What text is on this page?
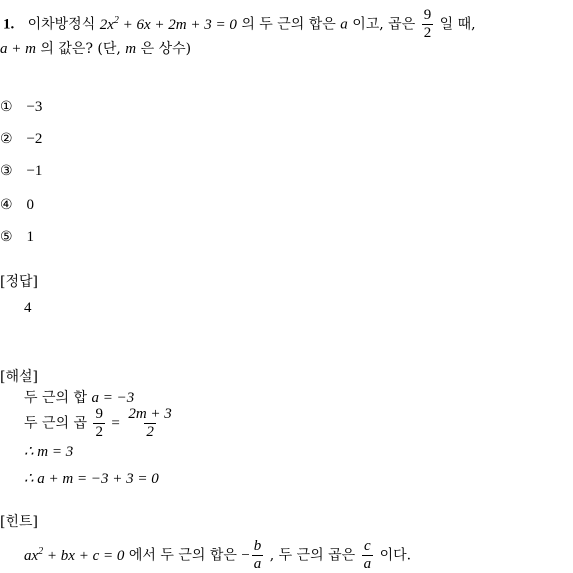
1. 이차방정식 $2x^2 + 6x + 2m + 3 = 0$ 의 두 근의 합은 a 이고, 곱은 $\frac{9}{2}$ 일 때,
a + m 의 값은? (단, m 은 상수)
① −3
② −2
③ −1
④ 0
⑤ 1
[정답]
4
[해설]
두 근의 합 a = −3
두 근의 곱 $\frac{9}{2} = \frac{2m + 3}{2}$
∴ m = 3
∴ a + m = −3 + 3 = 0
[힌트]
$ax^2$ + bx + c = 0 에서 두 근의 합은 − $\frac{b}{a}$ , 두 근의 곱은 $\frac{c}{a}$ 이다.
